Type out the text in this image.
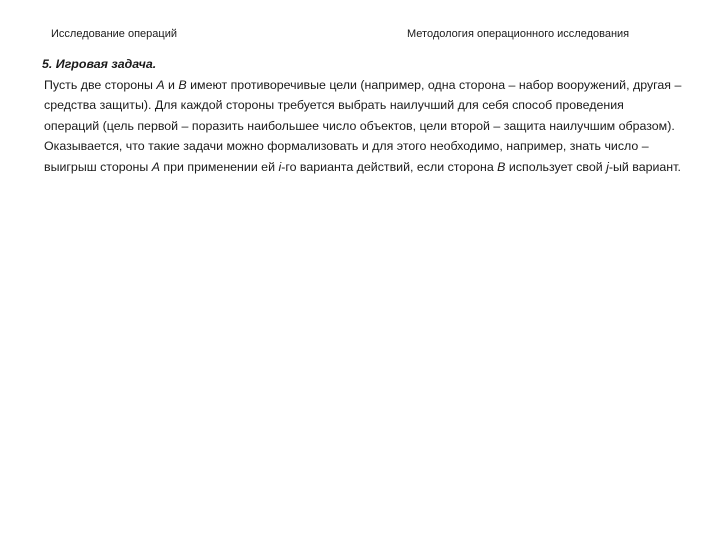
Исследование операций	Методология операционного исследования

5. Игровая задача.

Пусть две стороны А и В имеют противоречивые цели (например, одна сторона – набор вооружений, другая – средства защиты). Для каждой стороны требуется выбрать наилучший для себя способ проведения операций (цель первой – поразить наибольшее число объектов, цели второй – защита наилучшим образом). Оказывается, что такие задачи можно формализовать и для этого необходимо, например, знать число – выигрыш стороны А при применении ей i-го варианта действий, если сторона В использует свой j-ый вариант.
